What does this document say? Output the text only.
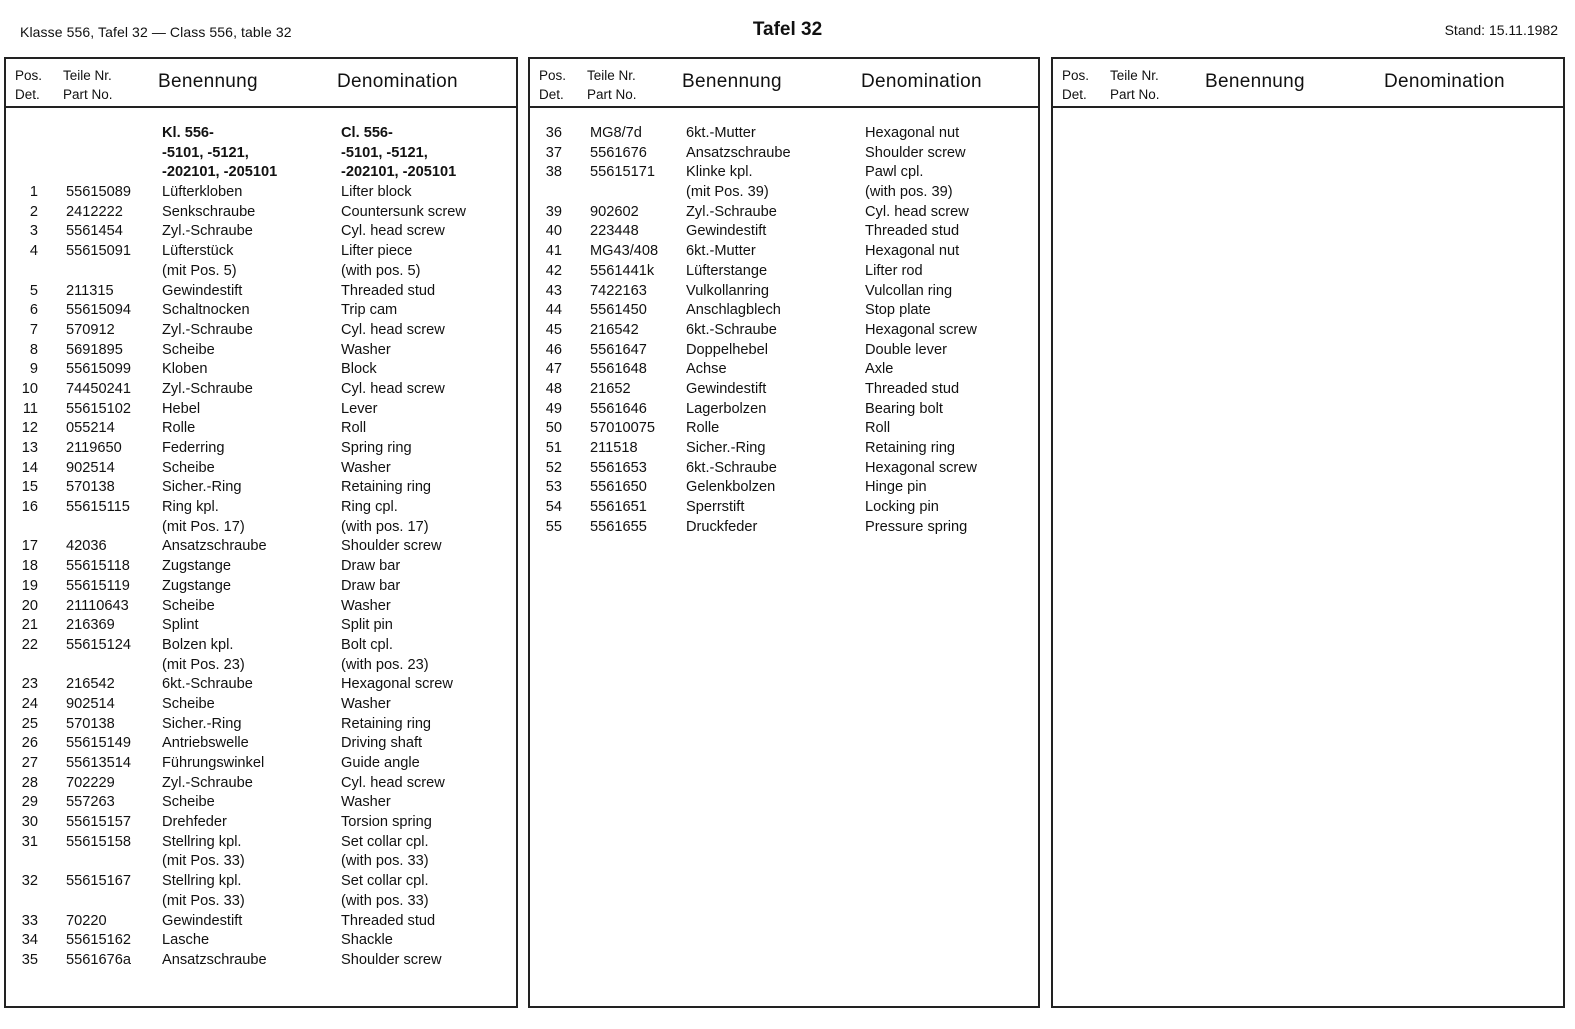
Klasse 556, Tafel 32 — Class 556, table 32	Tafel 32	Stand: 15.11.1982
Pos.
Det.
Teile Nr.
Part No.
Benennung	Denomination
Kl. 556-	Cl. 556-
-5101, -5121,	-5101, -5121,
-202101, -205101	-202101, -205101
1 55615089 Lüfterkloben	Lifter block
2 2412222	Senkschraube	Countersunk screw
3 5561454	Zyl.-Schraube	Cyl. head screw
4 55615091 Lüfterstück	Lifter piece
(mit Pos. 5)	(with pos. 5)
5 211315	Gewindestift	Threaded stud
6 55615094 Schaltnocken	Trip cam
7 570912	Zyl.-Schraube	Cyl. head screw
8 5691895	Scheibe	Washer
9 55615099 Kloben	Block
10 74450241 Zyl.-Schraube	Cyl. head screw
11 55615102 Hebel	Lever
12 055214	Rolle	Roll
13 2119650	Federring	Spring ring
14 902514	Scheibe	Washer
15 570138	Sicher.-Ring	Retaining ring
16 55615115 Ring kpl.	Ring cpl.
(mit Pos. 17)	(with pos. 17)
17 42036	Ansatzschraube	Shoulder screw
18 55615118 Zugstange	Draw bar
19 55615119 Zugstange	Draw bar
20 21110643 Scheibe	Washer
21 216369	Splint	Split pin
22 55615124 Bolzen kpl.	Bolt cpl.
(mit Pos. 23)	(with pos. 23)
23 216542	6kt.-Schraube	Hexagonal screw
24 902514	Scheibe	Washer
25 570138	Sicher.-Ring	Retaining ring
26 55615149 Antriebswelle	Driving shaft
27 55613514 Führungswinkel	Guide angle
28 702229	Zyl.-Schraube	Cyl. head screw
29 557263	Scheibe	Washer
30 55615157 Drehfeder	Torsion spring
31 55615158 Stellring kpl.	Set collar cpl.
(mit Pos. 33)	(with pos. 33)
32 55615167 Stellring kpl.	Set collar cpl.
(mit Pos. 33)	(with pos. 33)
33 70220	Gewindestift	Threaded stud
34 55615162 Lasche	Shackle
35 5561676a Ansatzschraube	Shoulder screw
Pos.
Det.
Teile Nr.
Part No.
Benennung	Denomination
36 MG8/7d	6kt.-Mutter	Hexagonal nut
37 5561676	Ansatzschraube	Shoulder screw
38 55615171 Klinke kpl.	Pawl cpl.
(mit Pos. 39)	(with pos. 39)
39 902602	Zyl.-Schraube	Cyl. head screw
40 223448	Gewindestift	Threaded stud
41 MG43/408 6kt.-Mutter	Hexagonal nut
42 5561441k Lüfterstange	Lifter rod
43 7422163	Vulkollanring	Vulcollan ring
44 5561450	Anschlagblech	Stop plate
45 216542	6kt.-Schraube	Hexagonal screw
46 5561647	Doppelhebel	Double lever
47 5561648	Achse	Axle
48 21652	Gewindestift	Threaded stud
49 5561646	Lagerbolzen	Bearing bolt
50 57010075 Rolle	Roll
51 211518	Sicher.-Ring	Retaining ring
52 5561653	6kt.-Schraube	Hexagonal screw
53 5561650	Gelenkbolzen	Hinge pin
54 5561651	Sperrstift	Locking pin
55 5561655	Druckfeder	Pressure spring
Pos.
Det.
Teile Nr.
Part No.
Benennung	Denomination
